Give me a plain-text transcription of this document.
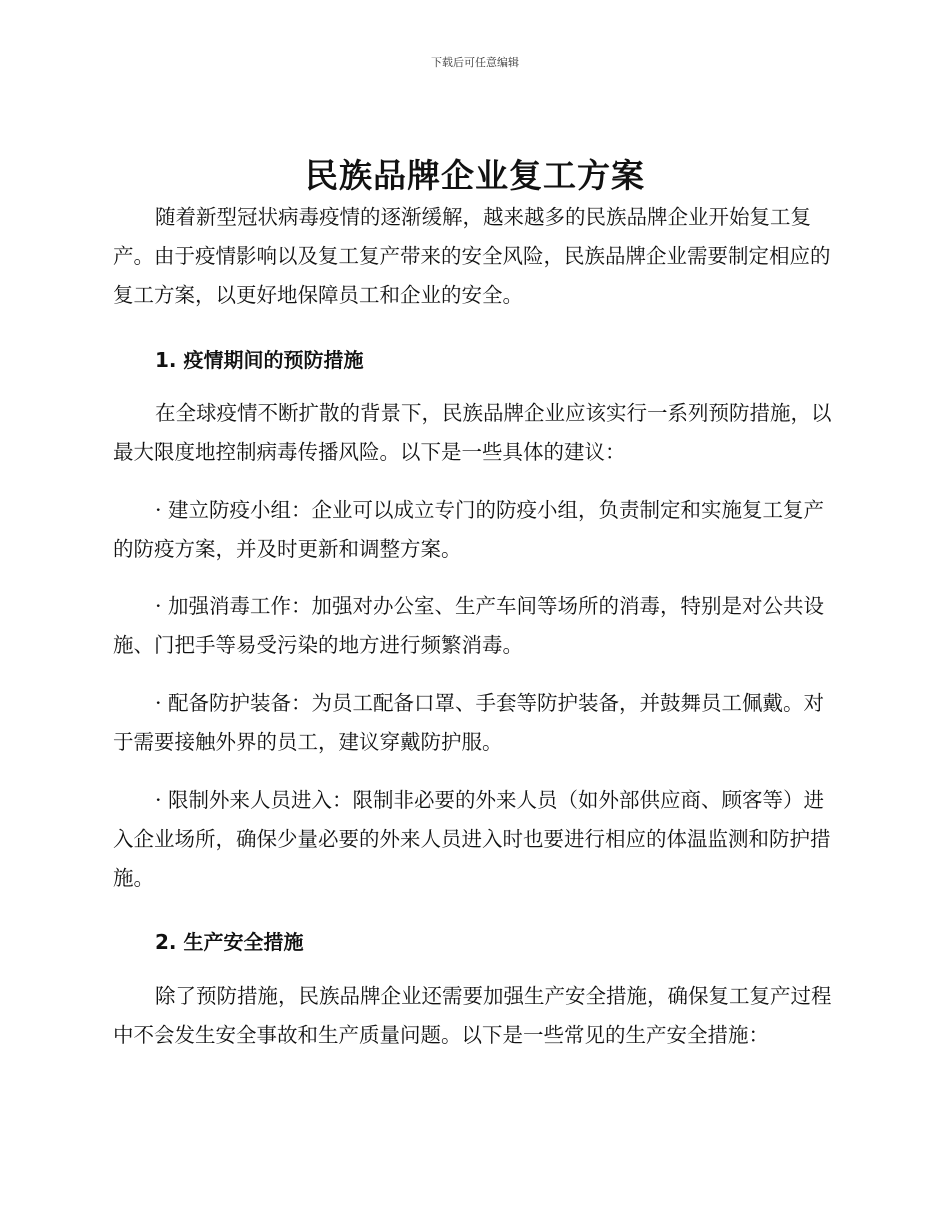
下载后可任意编辑
民族品牌企业复工方案

随着新型冠状病毒疫情的逐渐缓解，越来越多的民族品牌企业开始复工复产。由于疫情影响以及复工复产带来的安全风险，民族品牌企业需要制定相应的复工方案，以更好地保障员工和企业的安全。

1. 疫情期间的预防措施

在全球疫情不断扩散的背景下，民族品牌企业应该实行一系列预防措施，以最大限度地控制病毒传播风险。以下是一些具体的建议：

· 建立防疫小组：企业可以成立专门的防疫小组，负责制定和实施复工复产的防疫方案，并及时更新和调整方案。

· 加强消毒工作：加强对办公室、生产车间等场所的消毒，特别是对公共设施、门把手等易受污染的地方进行频繁消毒。

· 配备防护装备：为员工配备口罩、手套等防护装备，并鼓舞员工佩戴。对于需要接触外界的员工，建议穿戴防护服。

· 限制外来人员进入：限制非必要的外来人员（如外部供应商、顾客等）进入企业场所，确保少量必要的外来人员进入时也要进行相应的体温监测和防护措施。

2. 生产安全措施

除了预防措施，民族品牌企业还需要加强生产安全措施，确保复工复产过程中不会发生安全事故和生产质量问题。以下是一些常见的生产安全措施：
